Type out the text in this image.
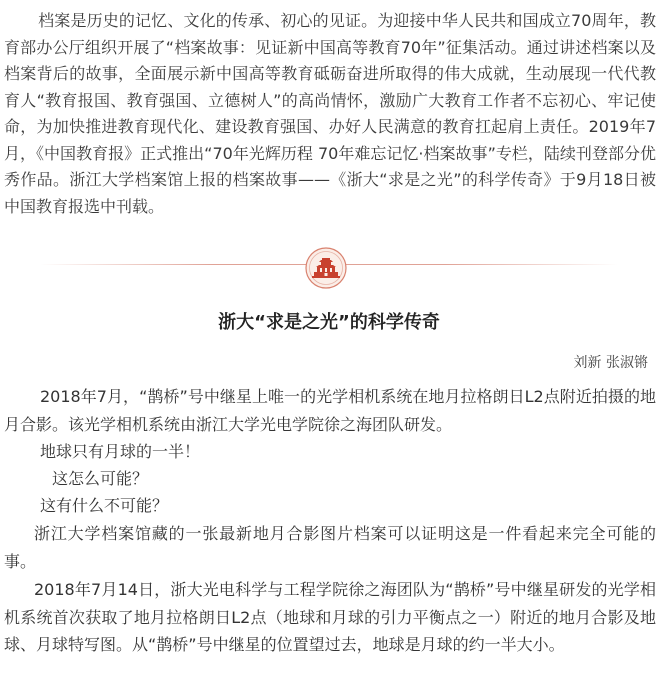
档案是历史的记忆、文化的传承、初心的见证。为迎接中华人民共和国成立70周年，教育部办公厅组织开展了“档案故事：见证新中国高等教育70年”征集活动。通过讲述档案以及档案背后的故事，全面展示新中国高等教育砥砺奋进所取得的伟大成就，生动展现一代代教育人“教育报国、教育强国、立德树人”的高尚情怀，激励广大教育工作者不忘初心、牢记使命，为加快推进教育现代化、建设教育强国、办好人民满意的教育扛起肩上责任。2019年7月，《中国教育报》正式推出“70年光辉历程 70年难忘记忆·档案故事”专栏，陆续刊登部分优秀作品。浙江大学档案馆上报的档案故事——《浙大“求是之光”的科学传奇》于9月18日被中国教育报选中刊载。

浙大“求是之光”的科学传奇

刘新 张淑锵

2018年7月，“鹊桥”号中继星上唯一的光学相机系统在地月拉格朗日L2点附近拍摄的地月合影。该光学相机系统由浙江大学光电学院徐之海团队研发。

地球只有月球的一半！

这怎么可能？

这有什么不可能？

浙江大学档案馆藏的一张最新地月合影图片档案可以证明这是一件看起来完全可能的事。

2018年7月14日，浙大光电科学与工程学院徐之海团队为“鹊桥”号中继星研发的光学相机系统首次获取了地月拉格朗日L2点（地球和月球的引力平衡点之一）附近的地月合影及地球、月球特写图。从“鹊桥”号中继星的位置望过去，地球是月球的约一半大小。
